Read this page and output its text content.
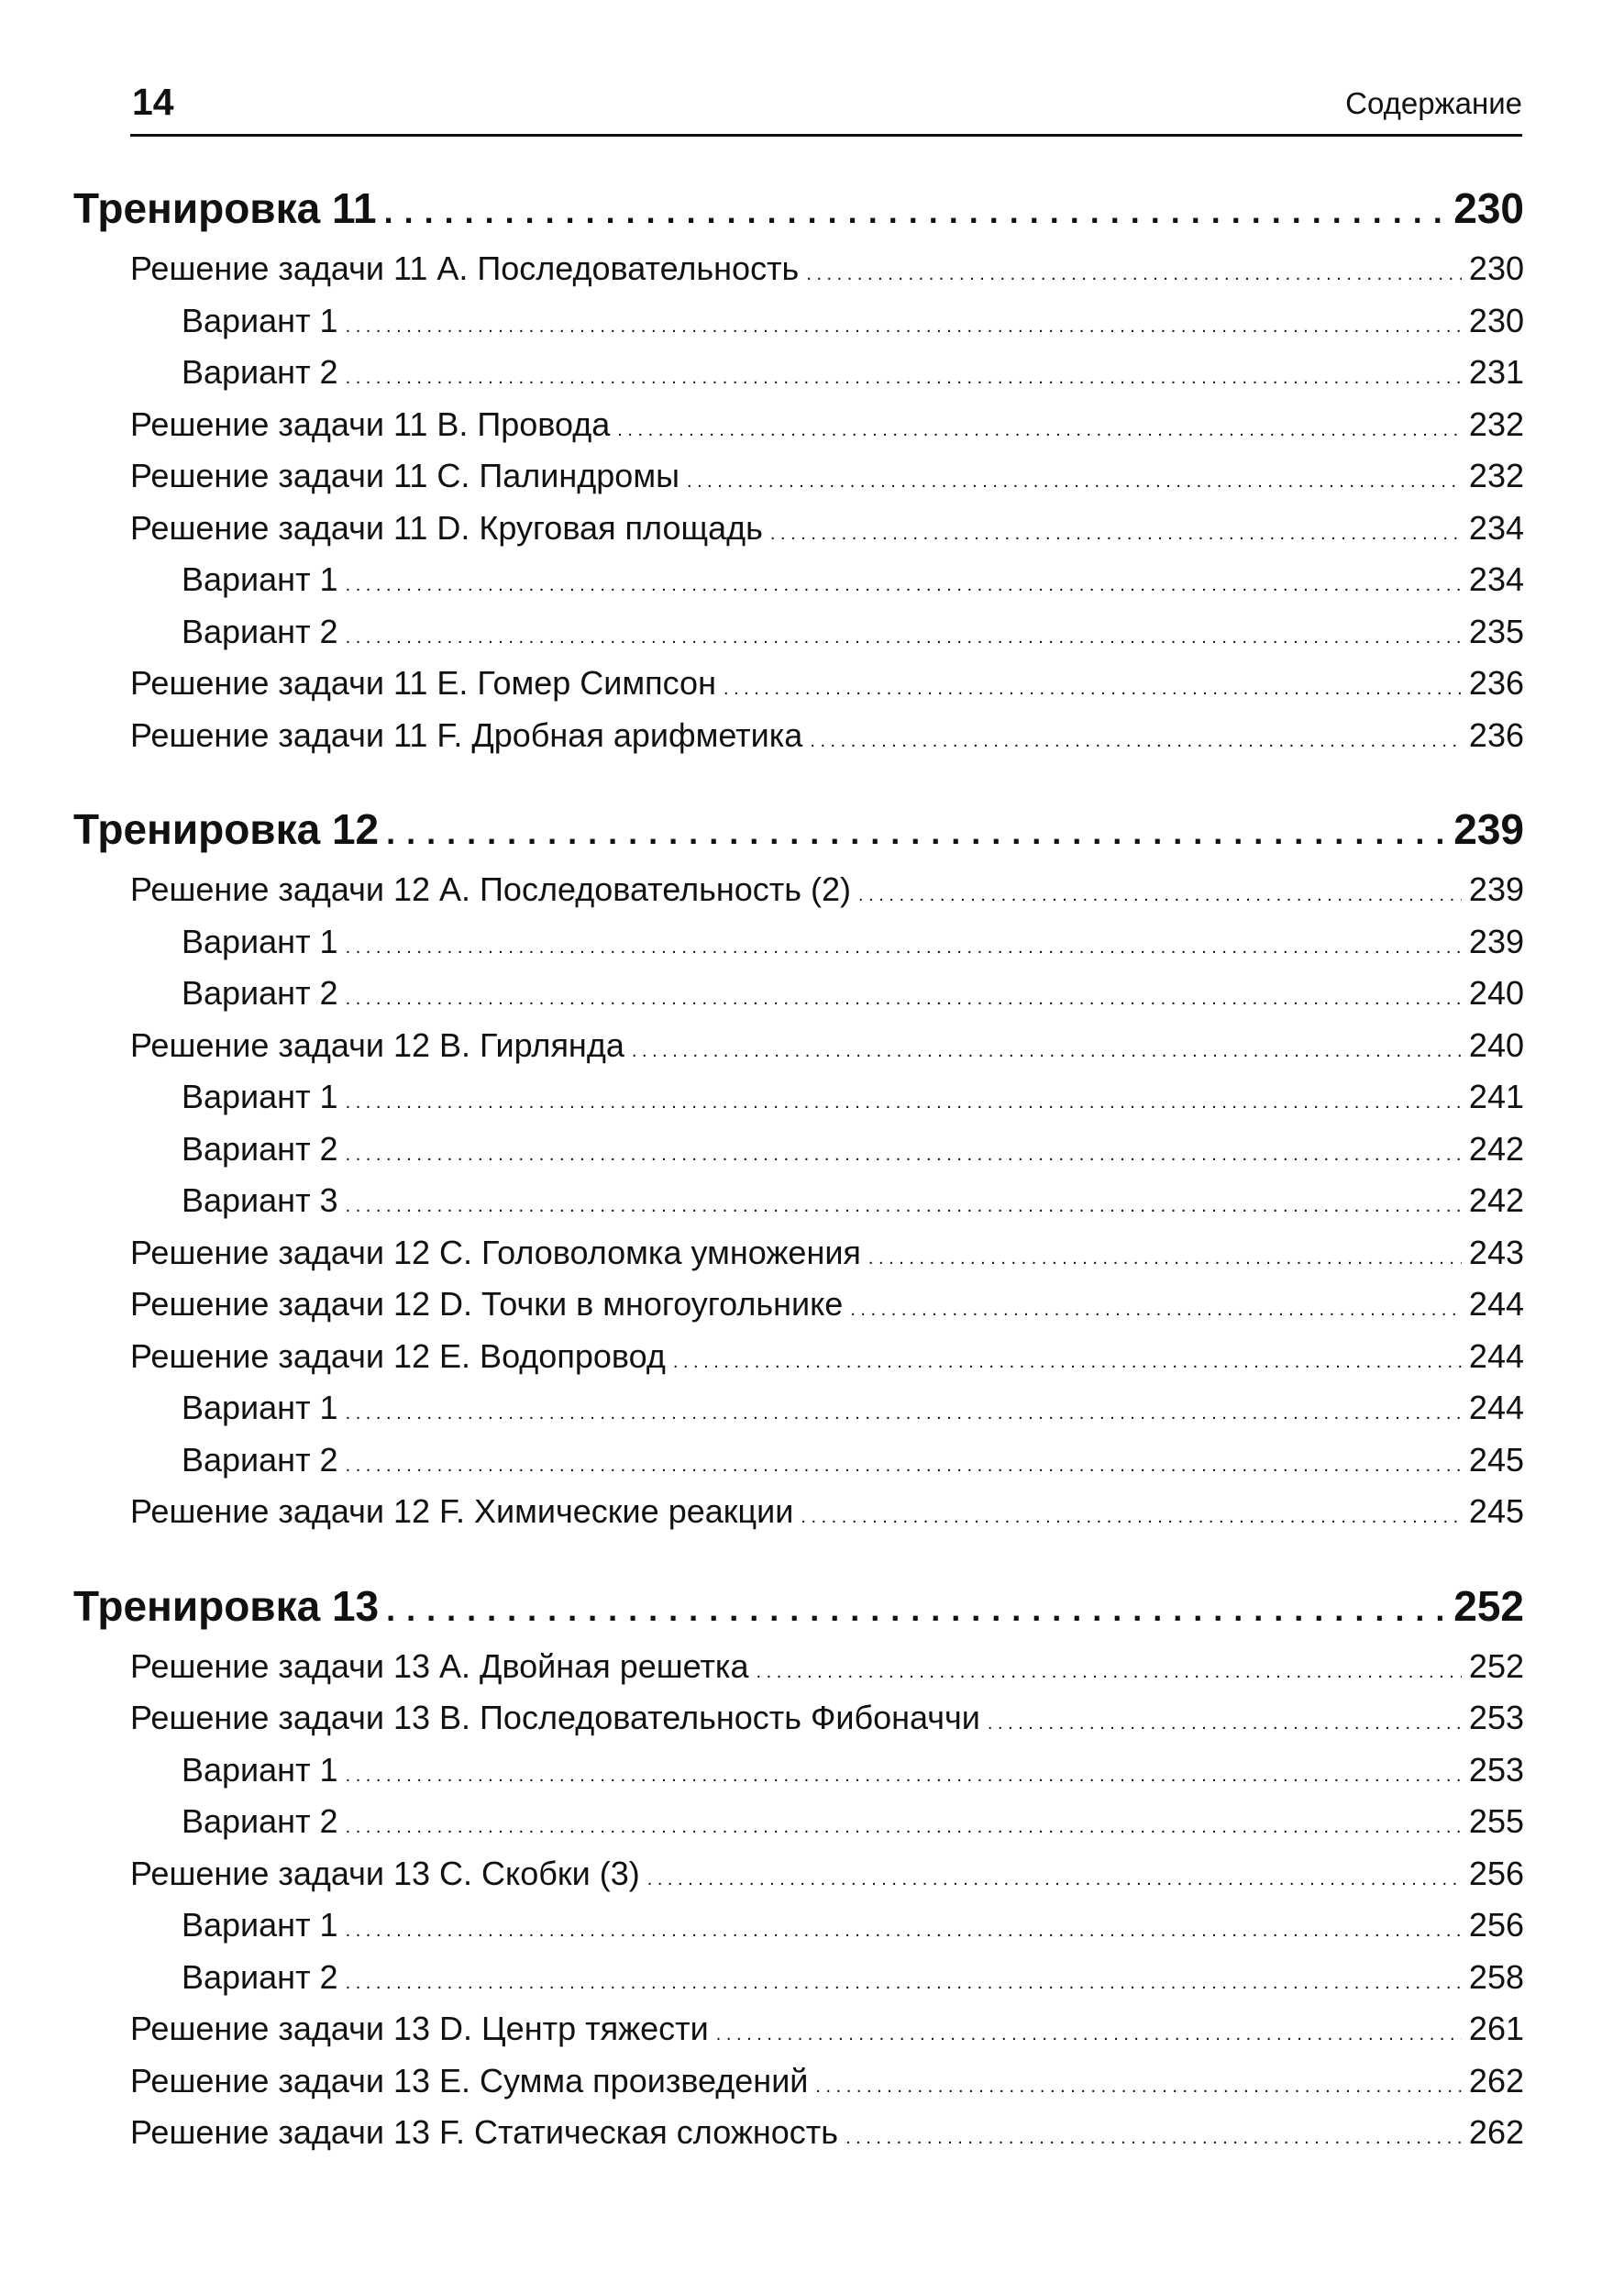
14	Содержание
Тренировка 11 . . .	230
Решение задачи 11 A. Последовательность . . .	230
Вариант 1 . . .	230
Вариант 2 . . .	231
Решение задачи 11 B. Провода . . .	232
Решение задачи 11 C. Палиндромы . . .	232
Решение задачи 11 D. Круговая площадь . . .	234
Вариант 1 . . .	234
Вариант 2 . . .	235
Решение задачи 11 E. Гомер Симпсон . . .	236
Решение задачи 11 F. Дробная арифметика . . .	236
Тренировка 12 . . .	239
Решение задачи 12 A. Последовательность (2) . . .	239
Вариант 1 . . .	239
Вариант 2 . . .	240
Решение задачи 12 B. Гирлянда . . .	240
Вариант 1 . . .	241
Вариант 2 . . .	242
Вариант 3 . . .	242
Решение задачи 12 C. Головоломка умножения . . .	243
Решение задачи 12 D. Точки в многоугольнике . . .	244
Решение задачи 12 E. Водопровод . . .	244
Вариант 1 . . .	244
Вариант 2 . . .	245
Решение задачи 12 F. Химические реакции . . .	245
Тренировка 13 . . .	252
Решение задачи 13 A. Двойная решетка . . .	252
Решение задачи 13 B. Последовательность Фибоначчи . . .	253
Вариант 1 . . .	253
Вариант 2 . . .	255
Решение задачи 13 C. Скобки (3) . . .	256
Вариант 1 . . .	256
Вариант 2 . . .	258
Решение задачи 13 D. Центр тяжести . . .	261
Решение задачи 13 E. Сумма произведений . . .	262
Решение задачи 13 F. Статическая сложность . . .	262
